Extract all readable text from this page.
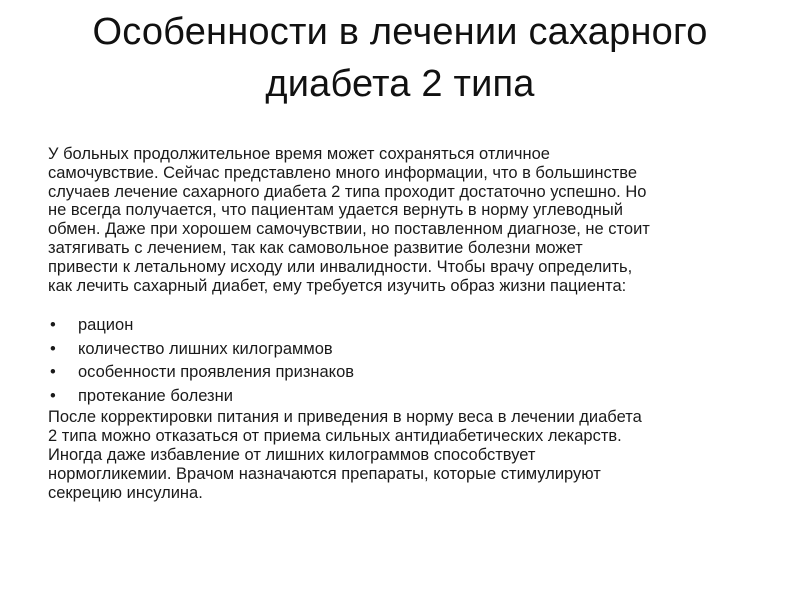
Особенности в лечении сахарного
диабета 2 типа

У больных продолжительное время может сохраняться отличное
самочувствие. Сейчас представлено много информации, что в большинстве
случаев лечение сахарного диабета 2 типа проходит достаточно успешно. Но
не всегда получается, что пациентам удается вернуть в норму углеводный
обмен. Даже при хорошем самочувствии, но поставленном диагнозе, не стоит
затягивать с лечением, так как самовольное развитие болезни может
привести к летальному исходу или инвалидности. Чтобы врачу определить,
как лечить сахарный диабет, ему требуется изучить образ жизни пациента:

•	рацион
•	количество лишних килограммов
•	особенности проявления признаков
•	протекание болезни

После корректировки питания и приведения в норму веса в лечении диабета
2 типа можно отказаться от приема сильных антидиабетических лекарств.
Иногда даже избавление от лишних килограммов способствует
нормогликемии. Врачом назначаются препараты, которые стимулируют
секрецию инсулина.
